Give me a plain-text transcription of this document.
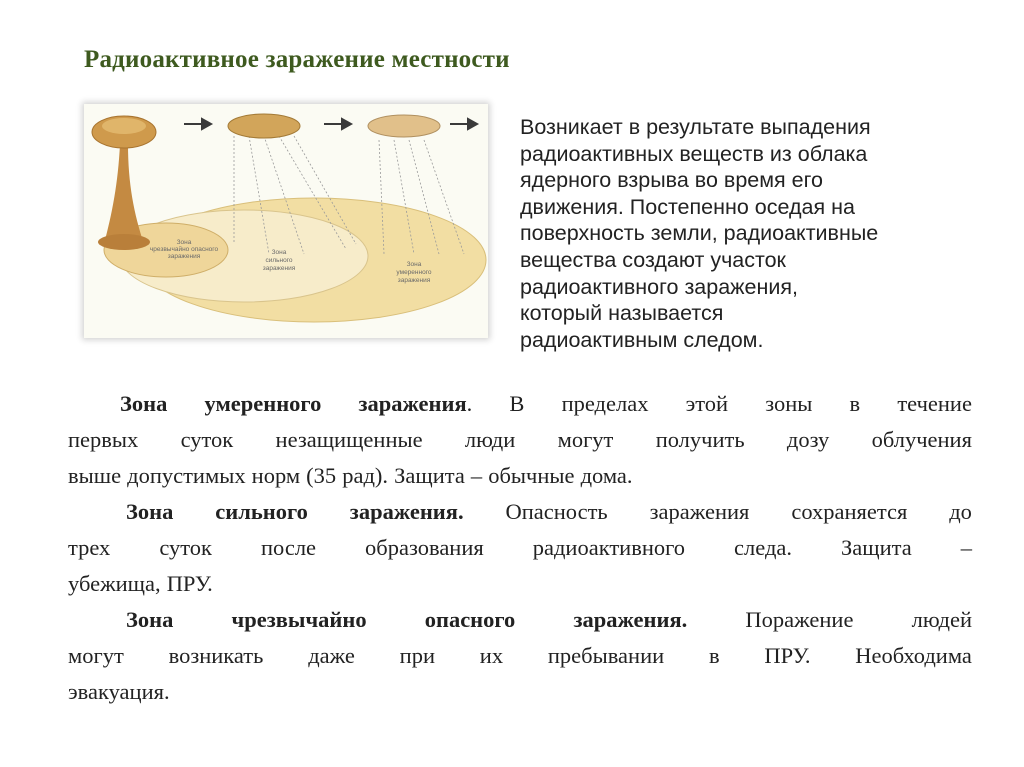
Радиоактивное заражение местности
Зона чрезвычайно опасного заражения
Зона сильного заражения
Зона умеренного заражения
Возникает в результате выпадения
радиоактивных веществ из облака
ядерного взрыва во время его
движения. Постепенно оседая на
поверхность земли, радиоактивные
вещества создают участок
радиоактивного заражения,
который называется
радиоактивным следом.
Зона умеренного заражения. В пределах этой зоны в течение
первых суток незащищенные люди могут получить дозу облучения
выше допустимых норм (35 рад). Защита – обычные дома.
Зона сильного заражения. Опасность заражения сохраняется до
трех суток после образования радиоактивного следа. Защита –
убежища, ПРУ.
Зона	чрезвычайно	опасного	заражения.	Поражение	людей
могут возникать даже при их пребывании в ПРУ. Необходима
эвакуация.
